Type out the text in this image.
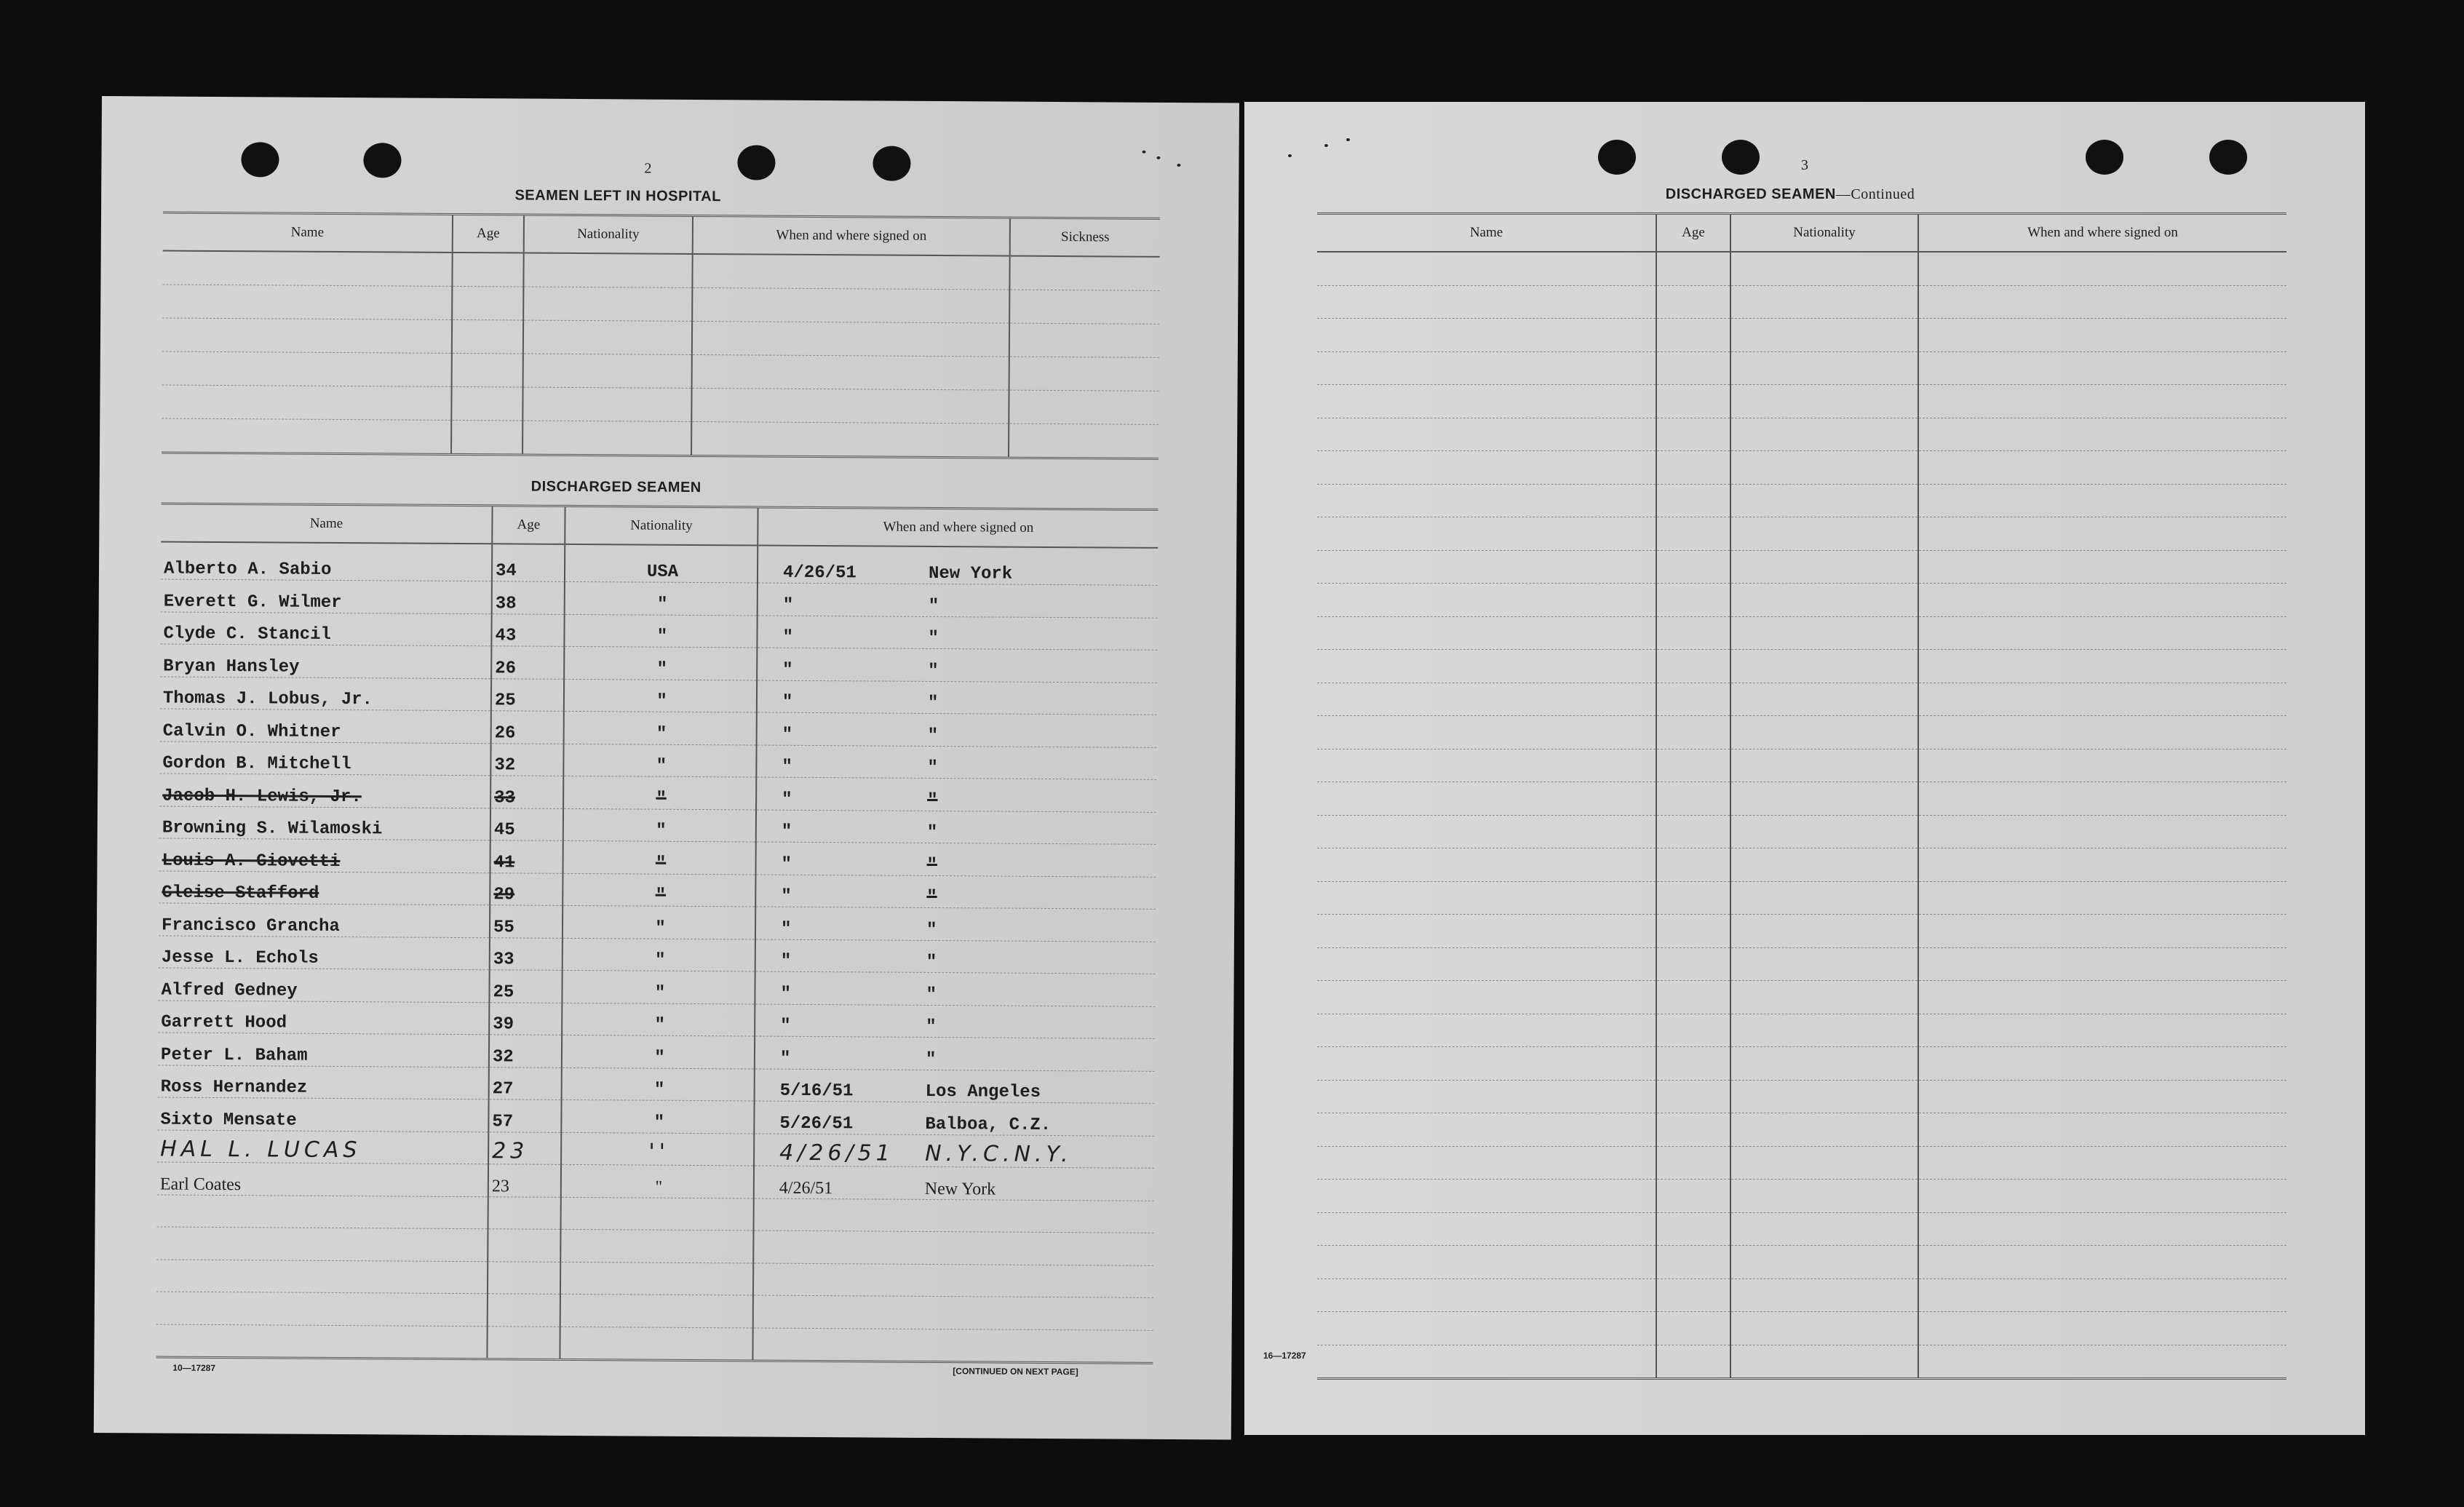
2
SEAMEN LEFT IN HOSPITAL
Name	Age	Nationality	When and where signed on	Sickness

DISCHARGED SEAMEN
Name	Age	Nationality	When and where signed on
Alberto A. Sabio	34	USA	4/26/51 New York
Everett G. Wilmer	38	"	" "
Clyde C. Stancil	43	"	" "
Bryan Hansley	26	"	" "
Thomas J. Lobus, Jr.	25	"	" "
Calvin O. Whitner	26	"	" "
Gordon B. Mitchell	32	"	" "
Jacob H. Lewis, Jr.	33	"	" "
Browning S. Wilamoski	45	"	" "
Louis A. Giovetti	41	"	" "
Cleise Stafford	29	"	" "
Francisco Grancha	55	"	" "
Jesse L. Echols	33	"	" "
Alfred Gedney	25	"	" "
Garrett Hood	39	"	" "
Peter L. Baham	32	"	" "
Ross Hernandez	27	"	5/16/51 Los Angeles
Sixto Mensate	57	"	5/26/51 Balboa, C.Z.
HAL L. LUCAS	23	''	4/26/51 N.Y.C.N.Y.
Earl Coates	23	"	4/26/51 New York

10—17287	[CONTINUED ON NEXT PAGE]
3
DISCHARGED SEAMEN—Continued
Name	Age	Nationality	When and where signed on

16—17287
